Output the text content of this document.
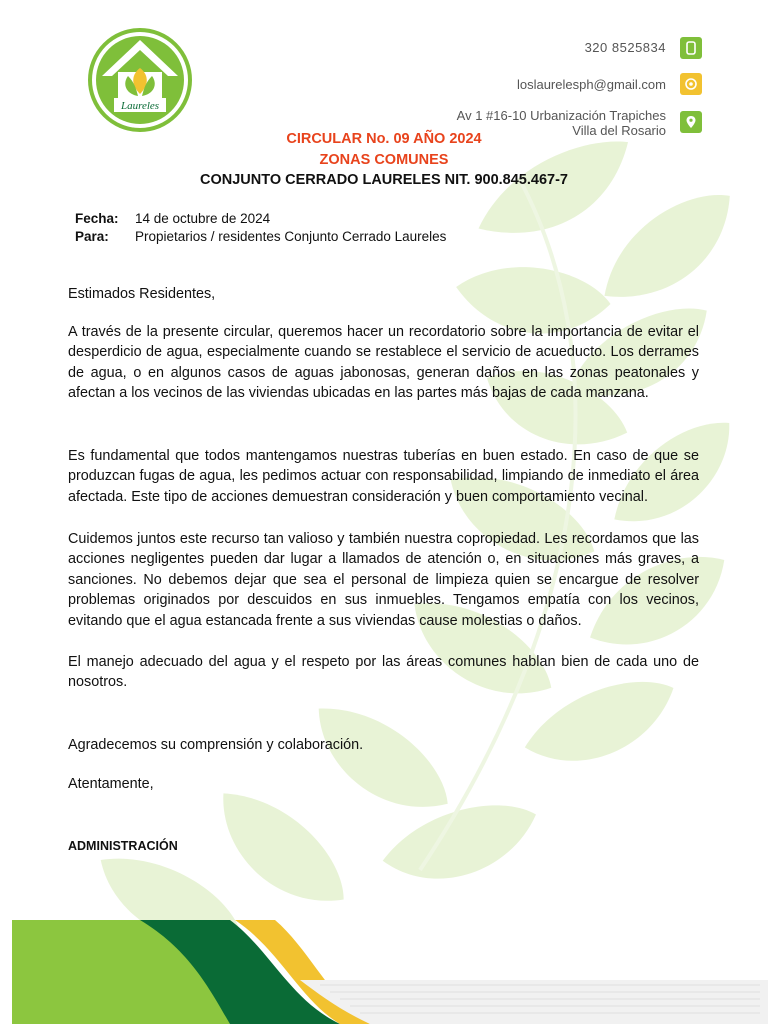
Laureles
320 8525834
loslaurelesph@gmail.com
Av 1 #16-10 Urbanización Trapiches
Villa del Rosario
CIRCULAR No. 09 AÑO 2024
ZONAS COMUNES
CONJUNTO CERRADO LAURELES NIT. 900.845.467-7
Fecha: 14 de octubre de 2024
Para: Propietarios / residentes Conjunto Cerrado Laureles
Estimados Residentes,
A través de la presente circular, queremos hacer un recordatorio sobre la importancia de evitar el desperdicio de agua, especialmente cuando se restablece el servicio de acueducto. Los derrames de agua, o en algunos casos de aguas jabonosas, generan daños en las zonas peatonales y afectan a los vecinos de las viviendas ubicadas en las partes más bajas de cada manzana.
Es fundamental que todos mantengamos nuestras tuberías en buen estado. En caso de que se produzcan fugas de agua, les pedimos actuar con responsabilidad, limpiando de inmediato el área afectada. Este tipo de acciones demuestran consideración y buen comportamiento vecinal.
Cuidemos juntos este recurso tan valioso y también nuestra copropiedad. Les recordamos que las acciones negligentes pueden dar lugar a llamados de atención o, en situaciones más graves, a sanciones. No debemos dejar que sea el personal de limpieza quien se encargue de resolver problemas originados por descuidos en sus inmuebles. Tengamos empatía con los vecinos, evitando que el agua estancada frente a sus viviendas cause molestias o daños.
El manejo adecuado del agua y el respeto por las áreas comunes hablan bien de cada uno de nosotros.
Agradecemos su comprensión y colaboración.
Atentamente,
ADMINISTRACIÓN
